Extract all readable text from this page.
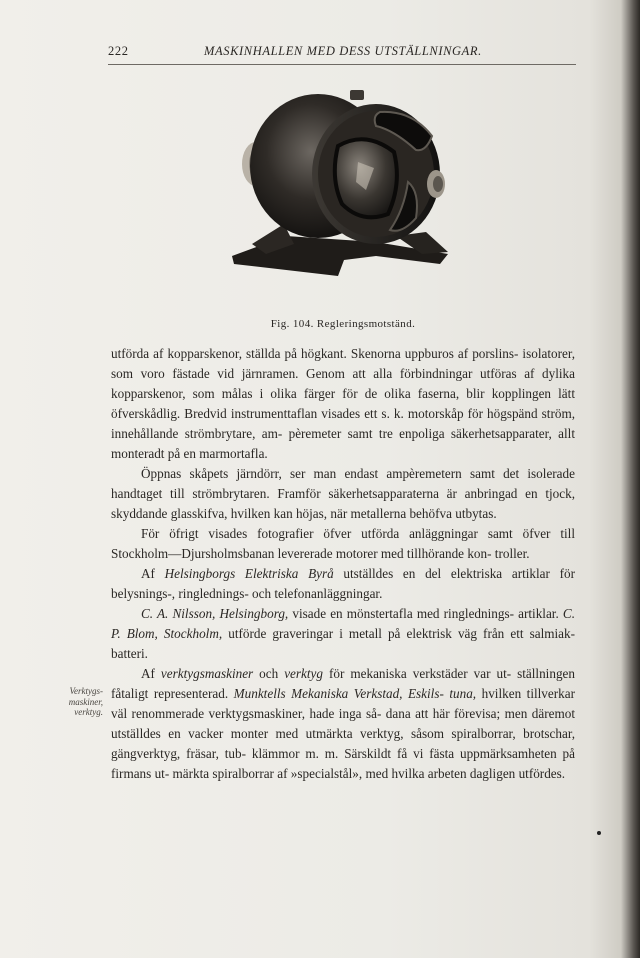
222	MASKINHALLEN MED DESS UTSTÄLLNINGAR.
Fig. 104. Regleringsmotständ.
Verktygs- maskiner, verktyg.

utförda af kopparskenor, ställda på högkant. Skenorna uppburos af porslins- isolatorer, som voro fästade vid järnramen. Genom att alla förbindningar utföras af dylika kopparskenor, som målas i olika färger för de olika faserna, blir kopplingen lätt öfverskådlig. Bredvid instrumenttaflan visades ett s. k. motorskåp för högspänd ström, innehållande strömbrytare, am- pèremeter samt tre enpoliga säkerhetsapparater, allt monteradt på en marmortafla.

Öppnas skåpets järndörr, ser man endast ampèremetern samt det isolerade handtaget till strömbrytaren. Framför säkerhetsapparaterna är anbringad en tjock, skyddande glasskifva, hvilken kan höjas, när metallerna behöfva utbytas.

För öfrigt visades fotografier öfver utförda anläggningar samt öfver till Stockholm—Djursholmsbanan levererade motorer med tillhörande kon- troller.

Af Helsingborgs Elektriska Byrå utställdes en del elektriska artiklar för belysnings-, ringlednings- och telefonanläggningar.

C. A. Nilsson, Helsingborg, visade en mönstertafla med ringlednings- artiklar. C. P. Blom, Stockholm, utförde graveringar i metall på elektrisk väg från ett salmiak-batteri.

Af verktygsmaskiner och verktyg för mekaniska verkstäder var ut- ställningen fåtaligt representerad. Munktells Mekaniska Verkstad, Eskils- tuna, hvilken tillverkar väl renommerade verktygsmaskiner, hade inga så- dana att här förevisa; men däremot utställdes en vacker monter med utmärkta verktyg, såsom spiralborrar, brotschar, gängverktyg, fräsar, tub- klämmor m. m. Särskildt få vi fästa uppmärksamheten på firmans ut- märkta spiralborrar af »specialstål», med hvilka arbeten dagligen utfördes.
